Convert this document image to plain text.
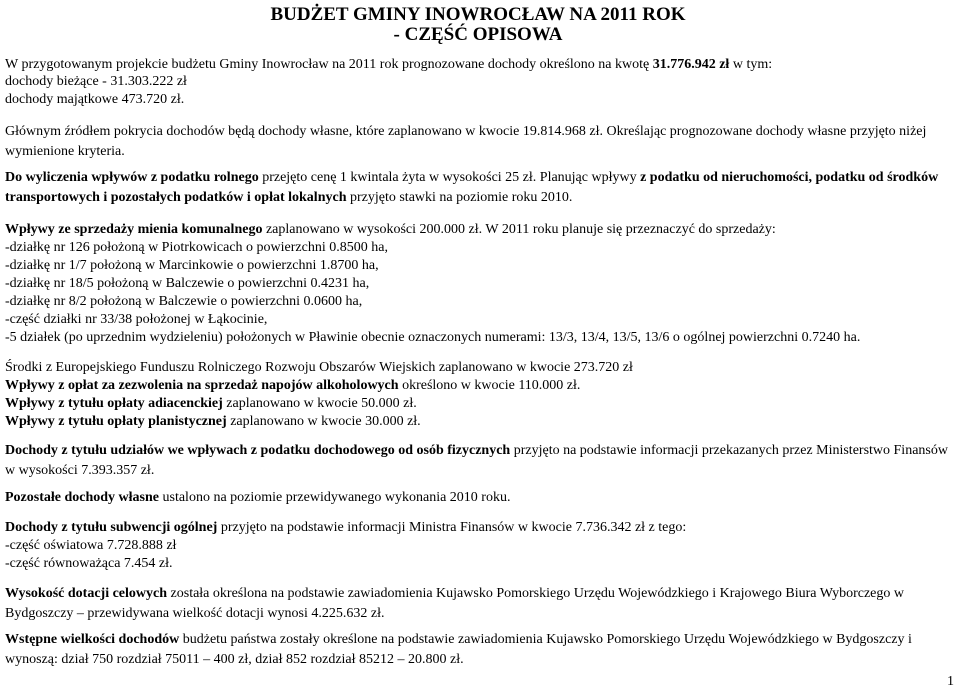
BUDŻET GMINY INOWROCŁAW NA 2011 ROK
- CZĘŚĆ OPISOWA

W przygotowanym projekcie budżetu Gminy Inowrocław na 2011 rok prognozowane dochody określono na kwotę 31.776.942 zł w tym:

dochody bieżące - 31.303.222 zł

dochody majątkowe 473.720 zł.

Głównym źródłem pokrycia dochodów będą dochody własne, które zaplanowano w kwocie 19.814.968 zł. Określając prognozowane dochody własne przyjęto niżej wymienione kryteria.

Do wyliczenia wpływów z podatku rolnego przejęto cenę 1 kwintala żyta w wysokości 25 zł. Planując wpływy z podatku od nieruchomości, podatku od środków transportowych i pozostałych podatków i opłat lokalnych przyjęto stawki na poziomie roku 2010.

Wpływy ze sprzedaży mienia komunalnego zaplanowano w wysokości 200.000 zł. W 2011 roku planuje się przeznaczyć do sprzedaży:

-działkę nr 126 położoną w Piotrkowicach o powierzchni 0.8500 ha,

-działkę nr 1/7 położoną w Marcinkowie o powierzchni 1.8700 ha,

-działkę nr 18/5 położoną w Balczewie o powierzchni 0.4231 ha,

-działkę nr 8/2 położoną w Balczewie o powierzchni 0.0600 ha,

-część działki nr 33/38 położonej w Łąkocinie,

-5 działek (po uprzednim wydzieleniu) położonych w Pławinie obecnie oznaczonych numerami: 13/3, 13/4, 13/5, 13/6 o ogólnej powierzchni 0.7240 ha.

Środki z Europejskiego Funduszu Rolniczego Rozwoju Obszarów Wiejskich zaplanowano w kwocie 273.720 zł

Wpływy z opłat za zezwolenia na sprzedaż napojów alkoholowych określono w kwocie 110.000 zł.

Wpływy z tytułu opłaty adiacenckiej zaplanowano w kwocie 50.000 zł.

Wpływy z tytułu opłaty planistycznej zaplanowano w kwocie 30.000 zł.

Dochody z tytułu udziałów we wpływach z podatku dochodowego od osób fizycznych przyjęto na podstawie informacji przekazanych przez Ministerstwo Finansów w wysokości 7.393.357 zł.

Pozostałe dochody własne ustalono na poziomie przewidywanego wykonania 2010 roku.

Dochody z tytułu subwencji ogólnej przyjęto na podstawie informacji Ministra Finansów w kwocie 7.736.342 zł z tego:

-część oświatowa 7.728.888 zł

-część równoważąca 7.454 zł.

Wysokość dotacji celowych została określona na podstawie zawiadomienia Kujawsko Pomorskiego Urzędu Wojewódzkiego i Krajowego Biura Wyborczego w Bydgoszczy – przewidywana wielkość dotacji wynosi 4.225.632 zł.

Wstępne wielkości dochodów budżetu państwa zostały określone na podstawie zawiadomienia Kujawsko Pomorskiego Urzędu Wojewódzkiego w Bydgoszczy i wynoszą: dział 750 rozdział 75011 – 400 zł, dział 852 rozdział 85212 – 20.800 zł.

1
